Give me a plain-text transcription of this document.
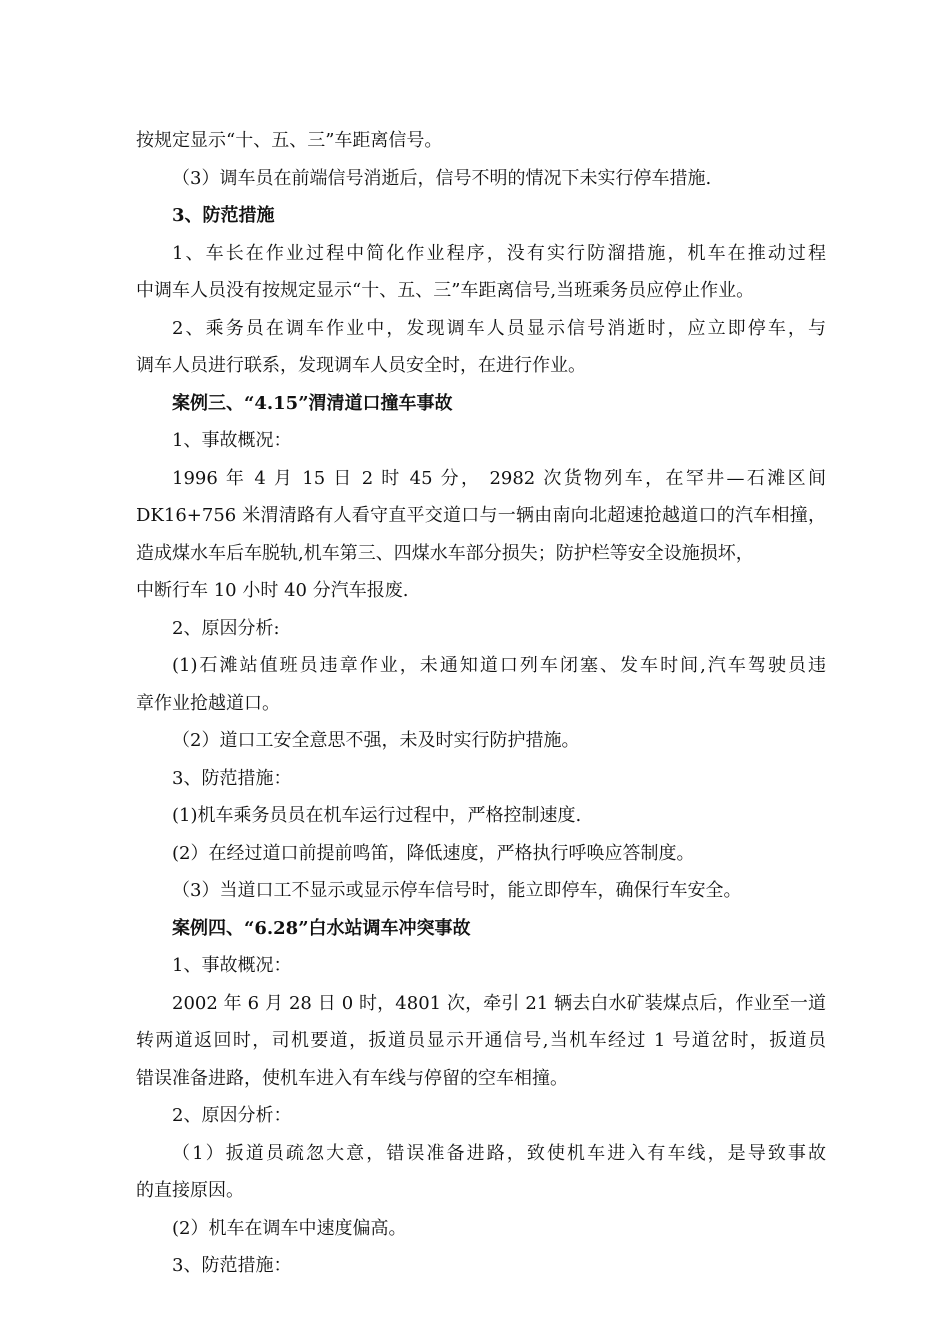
按规定显示“十、五、三”车距离信号。
（3）调车员在前端信号消逝后，信号不明的情况下未实行停车措施.
3、防范措施
1、车长在作业过程中简化作业程序，没有实行防溜措施，机车在推动过程
中调车人员没有按规定显示“十、五、三”车距离信号,当班乘务员应停止作业。
2、乘务员在调车作业中，发现调车人员显示信号消逝时，应立即停车，与
调车人员进行联系，发现调车人员安全时，在进行作业。
案例三、“4.15”渭清道口撞车事故
1、事故概况：
1996 年 4 月 15 日 2 时 45 分， 2982 次货物列车，在罕井—石滩区间
DK16+756 米渭清路有人看守直平交道口与一辆由南向北超速抢越道口的汽车相撞，
造成煤水车后车脱轨,机车第三、四煤水车部分损失；防护栏等安全设施损坏，
中断行车 10 小时 40 分汽车报废.
2、原因分析:
(1)石滩站值班员违章作业，未通知道口列车闭塞、发车时间,汽车驾驶员违
章作业抢越道口。
（2）道口工安全意思不强，未及时实行防护措施。
3、防范措施：
(1)机车乘务员员在机车运行过程中，严格控制速度.
(2）在经过道口前提前鸣笛，降低速度，严格执行呼唤应答制度。
（3）当道口工不显示或显示停车信号时，能立即停车，确保行车安全。
案例四、“6.28”白水站调车冲突事故
1、事故概况：
2002 年 6 月 28 日 0 时，4801 次，牵引 21 辆去白水矿装煤点后，作业至一道
转两道返回时，司机要道，扳道员显示开通信号,当机车经过 1 号道岔时，扳道员
错误准备进路，使机车进入有车线与停留的空车相撞。
2、原因分析：
（1）扳道员疏忽大意，错误准备进路，致使机车进入有车线，是导致事故
的直接原因。
(2）机车在调车中速度偏高。
3、防范措施：
